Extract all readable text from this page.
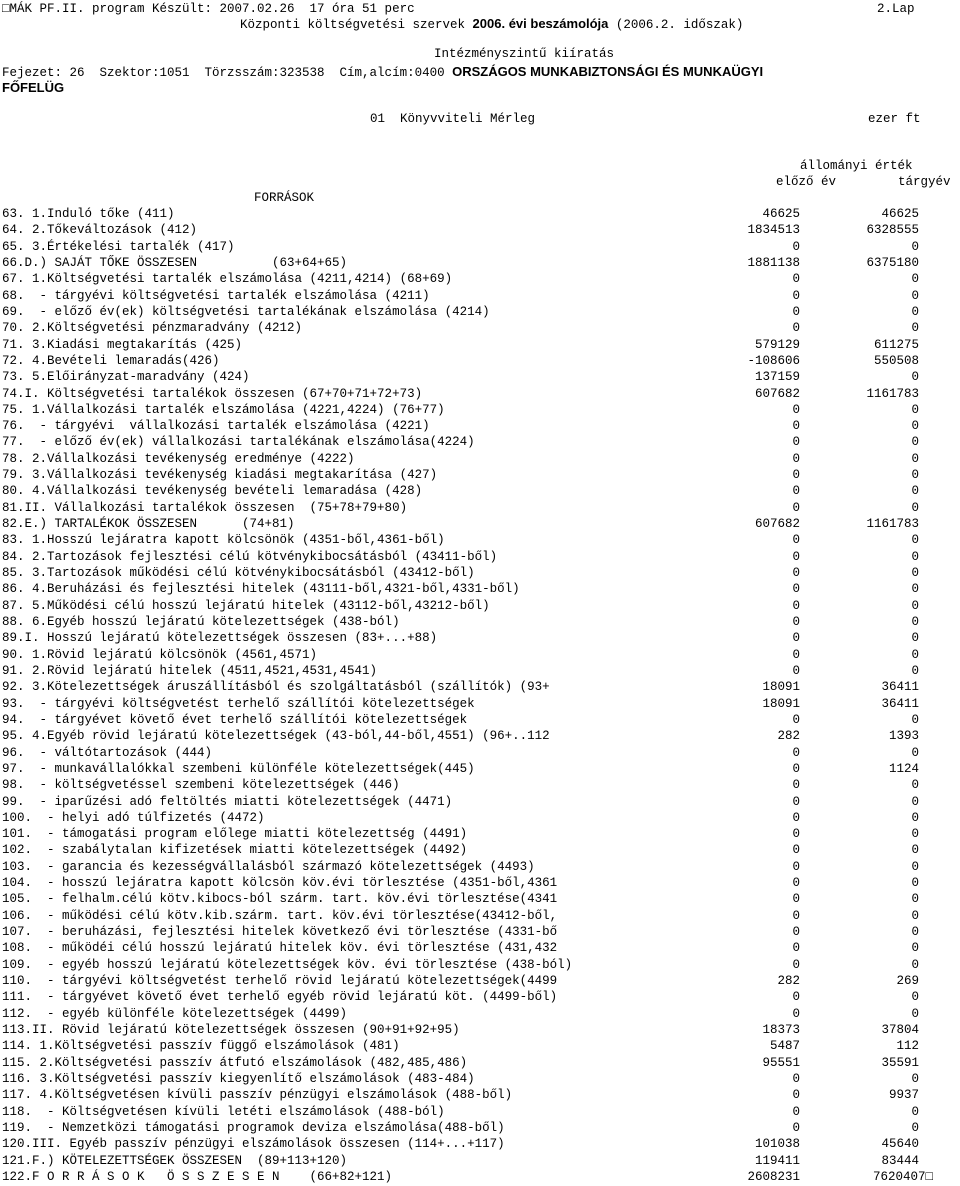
□MÁK PF.II. program Készült: 2007.02.26  17 óra 51 perc	2.Lap
Központi költségvetési szervek 2006. évi beszámolója (2006.2. időszak)
Intézményszintű kiíratás
Fejezet: 26  Szektor:1051  Törzsszám:323538  Cím,alcím:0400 ORSZÁGOS MUNKABIZTONSÁGI ÉS MUNKAÜGYI
FŐFELÜG
01  Könyvviteli Mérleg	ezer ft
állományi érték
előző év	tárgyév
FORRÁSOK
63. 1.Induló tőke (411)	46625	46625
64. 2.Tőkeváltozások (412)	1834513	6328555
65. 3.Értékelési tartalék (417)	0	0
66.D.) SAJÁT TŐKE ÖSSZESEN          (63+64+65)	1881138	6375180
67. 1.Költségvetési tartalék elszámolása (4211,4214) (68+69)	0	0
68.  - tárgyévi költségvetési tartalék elszámolása (4211)	0	0
69.  - előző év(ek) költségvetési tartalékának elszámolása (4214)	0	0
70. 2.Költségvetési pénzmaradvány (4212)	0	0
71. 3.Kiadási megtakarítás (425)	579129	611275
72. 4.Bevételi lemaradás(426)	-108606	550508
73. 5.Előirányzat-maradvány (424)	137159	0
74.I. Költségvetési tartalékok összesen (67+70+71+72+73)	607682	1161783
75. 1.Vállalkozási tartalék elszámolása (4221,4224) (76+77)	0	0
76.  - tárgyévi  vállalkozási tartalék elszámolása (4221)	0	0
77.  - előző év(ek) vállalkozási tartalékának elszámolása(4224)	0	0
78. 2.Vállalkozási tevékenység eredménye (4222)	0	0
79. 3.Vállalkozási tevékenység kiadási megtakarítása (427)	0	0
80. 4.Vállalkozási tevékenység bevételi lemaradása (428)	0	0
81.II. Vállalkozási tartalékok összesen  (75+78+79+80)	0	0
82.E.) TARTALÉKOK ÖSSZESEN      (74+81)	607682	1161783
83. 1.Hosszú lejáratra kapott kölcsönök (4351-ből,4361-ből)	0	0
84. 2.Tartozások fejlesztési célú kötvénykibocsátásból (43411-ből)	0	0
85. 3.Tartozások működési célú kötvénykibocsátásból (43412-ből)	0	0
86. 4.Beruházási és fejlesztési hitelek (43111-ből,4321-ből,4331-ből)	0	0
87. 5.Működési célú hosszú lejáratú hitelek (43112-ből,43212-ből)	0	0
88. 6.Egyéb hosszú lejáratú kötelezettségek (438-ból)	0	0
89.I. Hosszú lejáratú kötelezettségek összesen (83+...+88)	0	0
90. 1.Rövid lejáratú kölcsönök (4561,4571)	0	0
91. 2.Rövid lejáratú hitelek (4511,4521,4531,4541)	0	0
92. 3.Kötelezettségek áruszállításból és szolgáltatásból (szállítók) (93+	18091	36411
93.  - tárgyévi költségvetést terhelő szállítói kötelezettségek	18091	36411
94.  - tárgyévet követő évet terhelő szállítói kötelezettségek	0	0
95. 4.Egyéb rövid lejáratú kötelezettségek (43-ból,44-ből,4551) (96+..112	282	1393
96.  - váltótartozások (444)	0	0
97.  - munkavállalókkal szembeni különféle kötelezettségek(445)	0	1124
98.  - költségvetéssel szembeni kötelezettségek (446)	0	0
99.  - iparűzési adó feltöltés miatti kötelezettségek (4471)	0	0
100.  - helyi adó túlfizetés (4472)	0	0
101.  - támogatási program előlege miatti kötelezettség (4491)	0	0
102.  - szabálytalan kifizetések miatti kötelezettségek (4492)	0	0
103.  - garancia és kezességvállalásból származó kötelezettségek (4493)	0	0
104.  - hosszú lejáratra kapott kölcsön köv.évi törlesztése (4351-ből,4361	0	0
105.  - felhalm.célú kötv.kibocs-ból szárm. tart. köv.évi törlesztése(4341	0	0
106.  - működési célú kötv.kib.szárm. tart. köv.évi törlesztése(43412-ből,	0	0
107.  - beruházási, fejlesztési hitelek következő évi törlesztése (4331-bő	0	0
108.  - működéi célú hosszú lejáratú hitelek köv. évi törlesztése (431,432	0	0
109.  - egyéb hosszú lejáratú kötelezettségek köv. évi törlesztése (438-ból)	0	0
110.  - tárgyévi költségvetést terhelő rövid lejáratú kötelezettségek(4499	282	269
111.  - tárgyévet követő évet terhelő egyéb rövid lejáratú köt. (4499-ből)	0	0
112.  - egyéb különféle kötelezettségek (4499)	0	0
113.II. Rövid lejáratú kötelezettségek összesen (90+91+92+95)	18373	37804
114. 1.Költségvetési passzív függő elszámolások (481)	5487	112
115. 2.Költségvetési passzív átfutó elszámolások (482,485,486)	95551	35591
116. 3.Költségvetési passzív kiegyenlítő elszámolások (483-484)	0	0
117. 4.Költségvetésen kívüli passzív pénzügyi elszámolások (488-ből)	0	9937
118.  - Költségvetésen kívüli letéti elszámolások (488-ból)	0	0
119.  - Nemzetközi támogatási programok deviza elszámolása(488-ből)	0	0
120.III. Egyéb passzív pénzügyi elszámolások összesen (114+...+117)	101038	45640
121.F.) KÖTELEZETTSÉGEK ÖSSZESEN  (89+113+120)	119411	83444
122.F O R R Á S O K   Ö S S Z E S E N    (66+82+121)	2608231	7620407□
